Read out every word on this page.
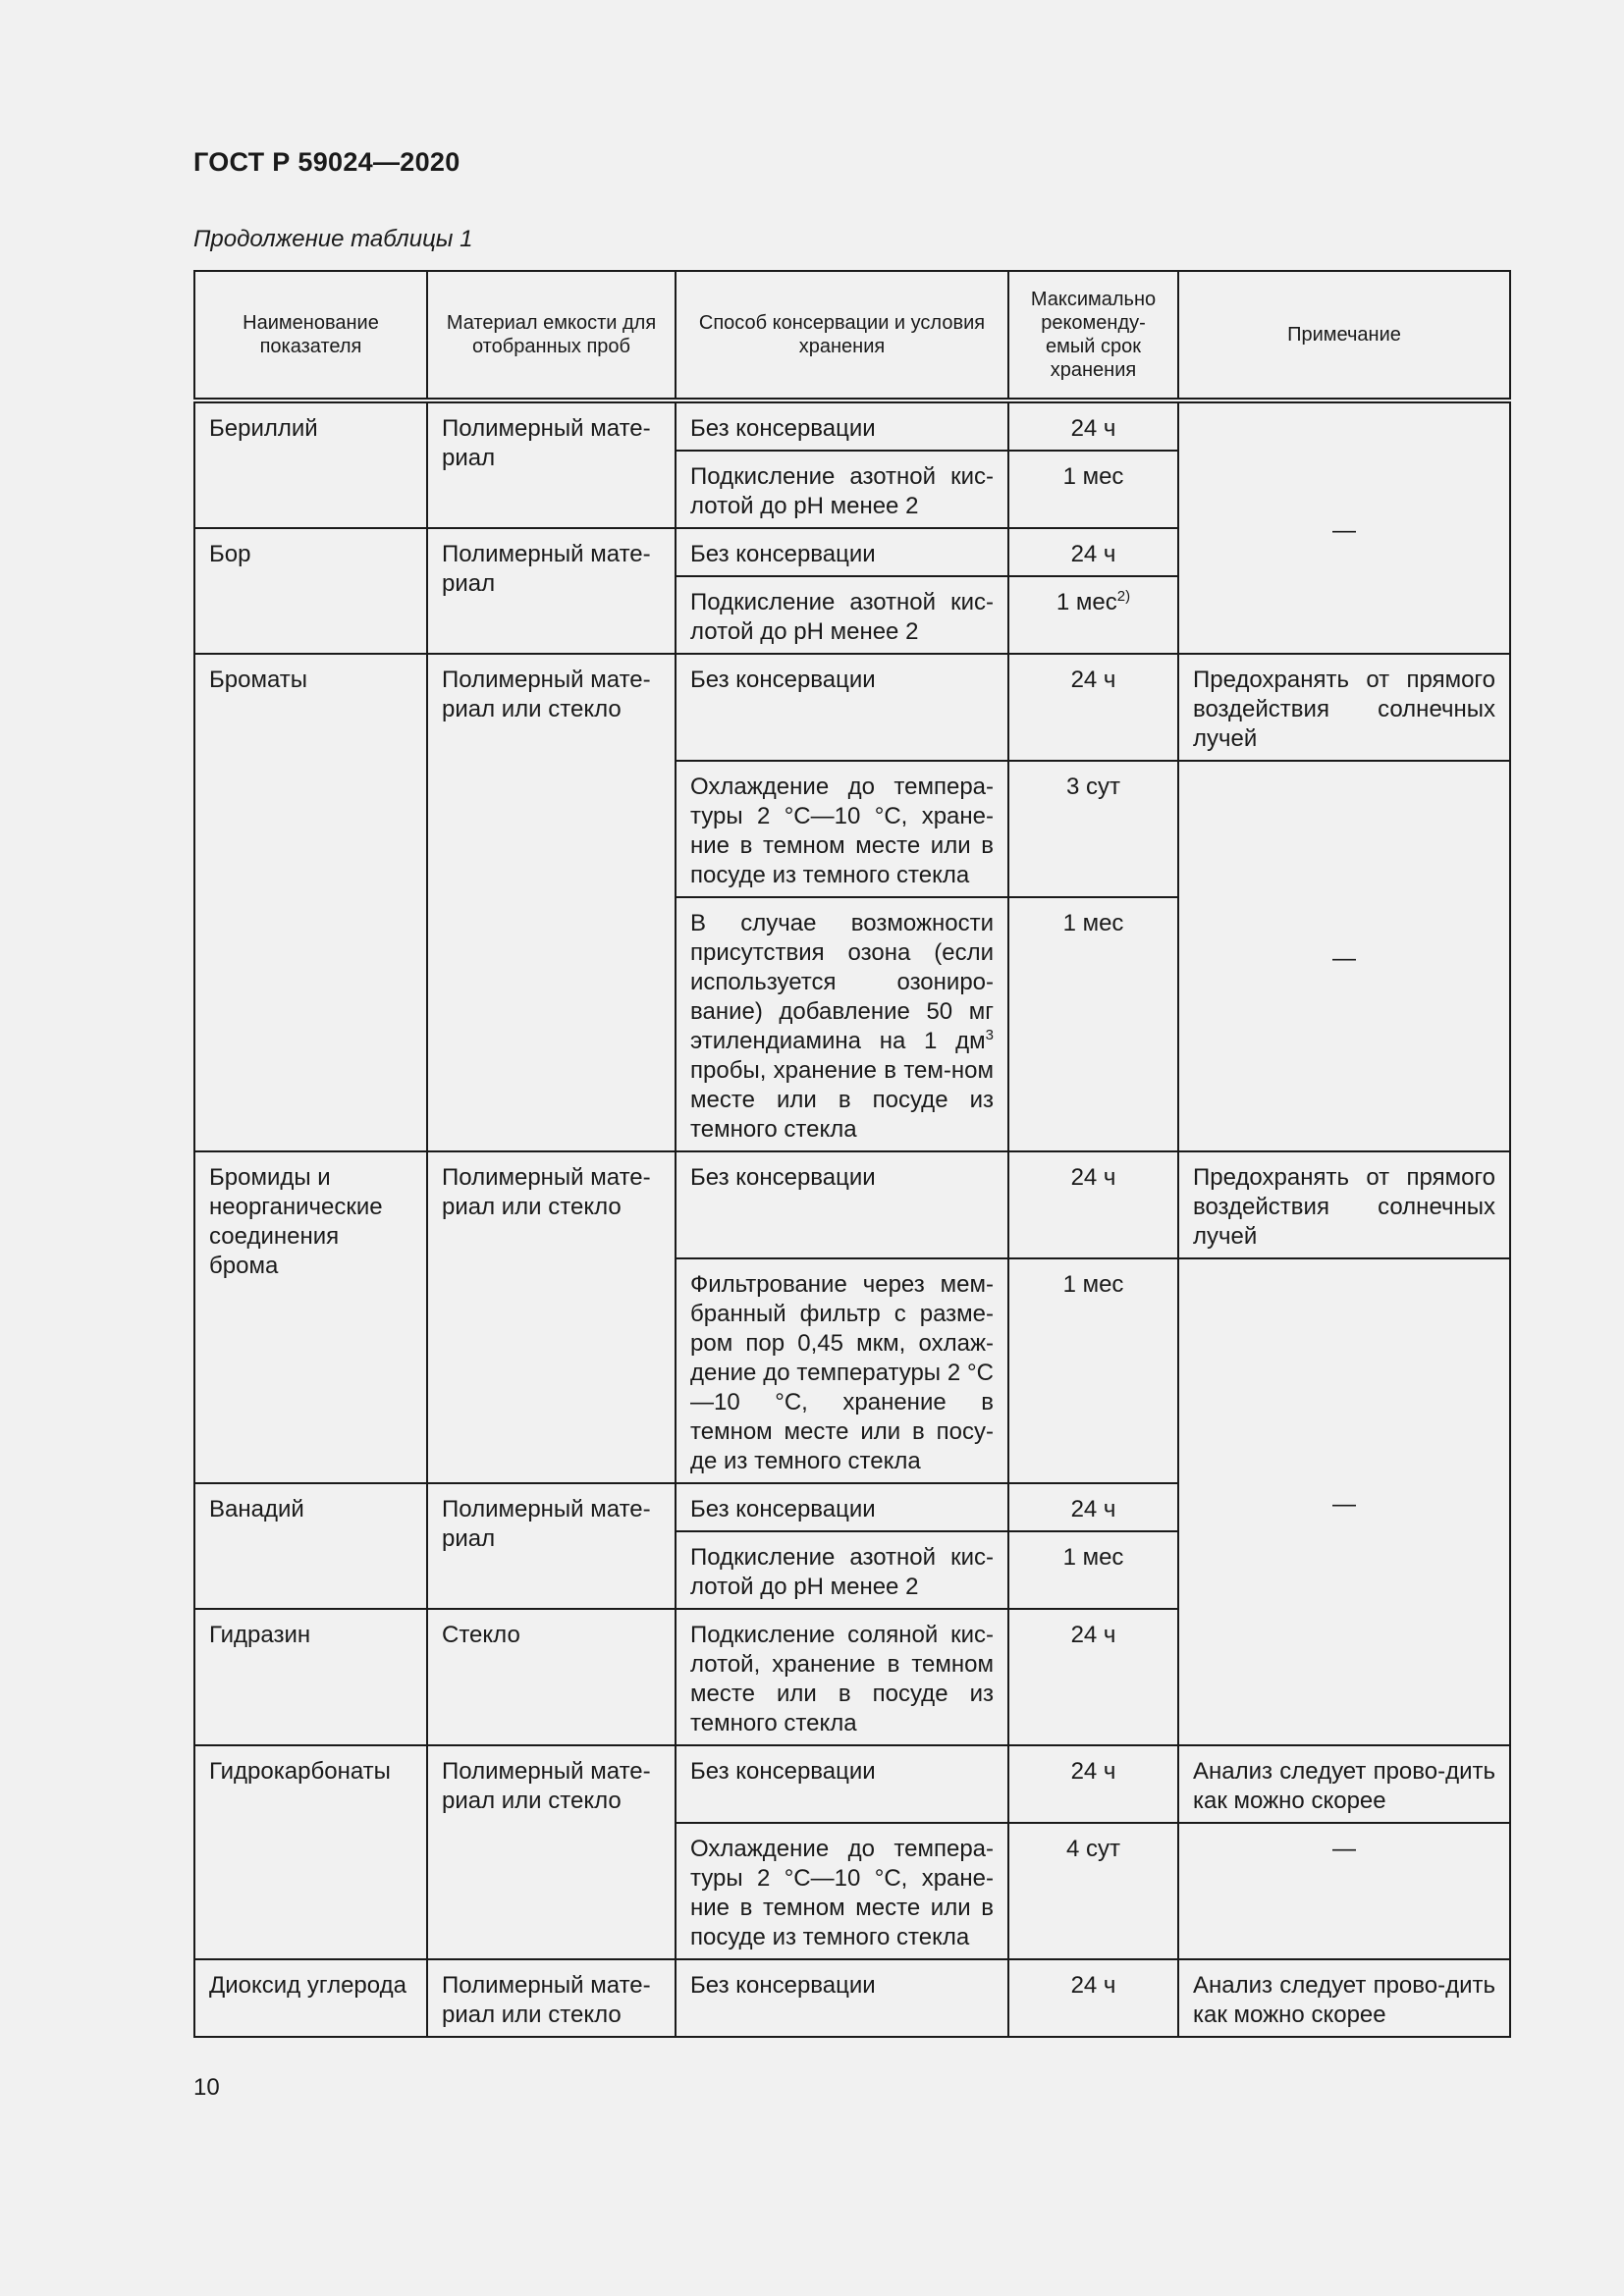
ГОСТ Р 59024—2020
Продолжение таблицы 1
Наименование показателя	Материал емкости для отобранных проб	Способ консервации и условия хранения	Максимально рекоменду-емый срок хранения	Примечание
Бериллий	Полимерный мате-риал	Без консервации	24 ч	—
		Подкисление азотной кис-лотой до pH менее 2	1 мес	
Бор	Полимерный мате-риал	Без консервации	24 ч	
		Подкисление азотной кис-лотой до pH менее 2	1 мес$^{2)}$
Броматы	Полимерный мате-риал или стекло	Без консервации	24 ч	Предохранять от прямого воздействия солнечных лучей
		Охлаждение до темпера-туры 2 °С—10 °С, хране-ние в темном месте или в посуде из темного стекла	3 сут	—
		В случае возможности присутствия озона (если используется озониро-вание) добавление 50 мг этилендиамина на 1 $дм^3$ пробы, хранение в тем-ном месте или в посуде из темного стекла	1 мес	
Бромиды и неорганические соединения брома	Полимерный мате-риал или стекло	Без консервации	24 ч	Предохранять от прямого воздействия солнечных лучей
		Фильтрование через мем-бранный фильтр с разме-ром пор 0,45 мкм, охлаж-дение до температуры 2 °С—10 °С, хранение в темном месте или в посу-де из темного стекла	1 мес	—
Ванадий	Полимерный мате-риал	Без консервации	24 ч	
		Подкисление азотной кис-лотой до pH менее 2	1 мес	
Гидразин	Стекло	Подкисление соляной кис-лотой, хранение в темном месте или в посуде из темного стекла	24 ч	
Гидрокарбонаты	Полимерный мате-риал или стекло	Без консервации	24 ч	Анализ следует прово-дить как можно скорее
		Охлаждение до темпера-туры 2 °С—10 °С, хране-ние в темном месте или в посуде из темного стекла	4 сут	—
Диоксид углерода	Полимерный мате-риал или стекло	Без консервации	24 ч	Анализ следует прово-дить как можно скорее
10
